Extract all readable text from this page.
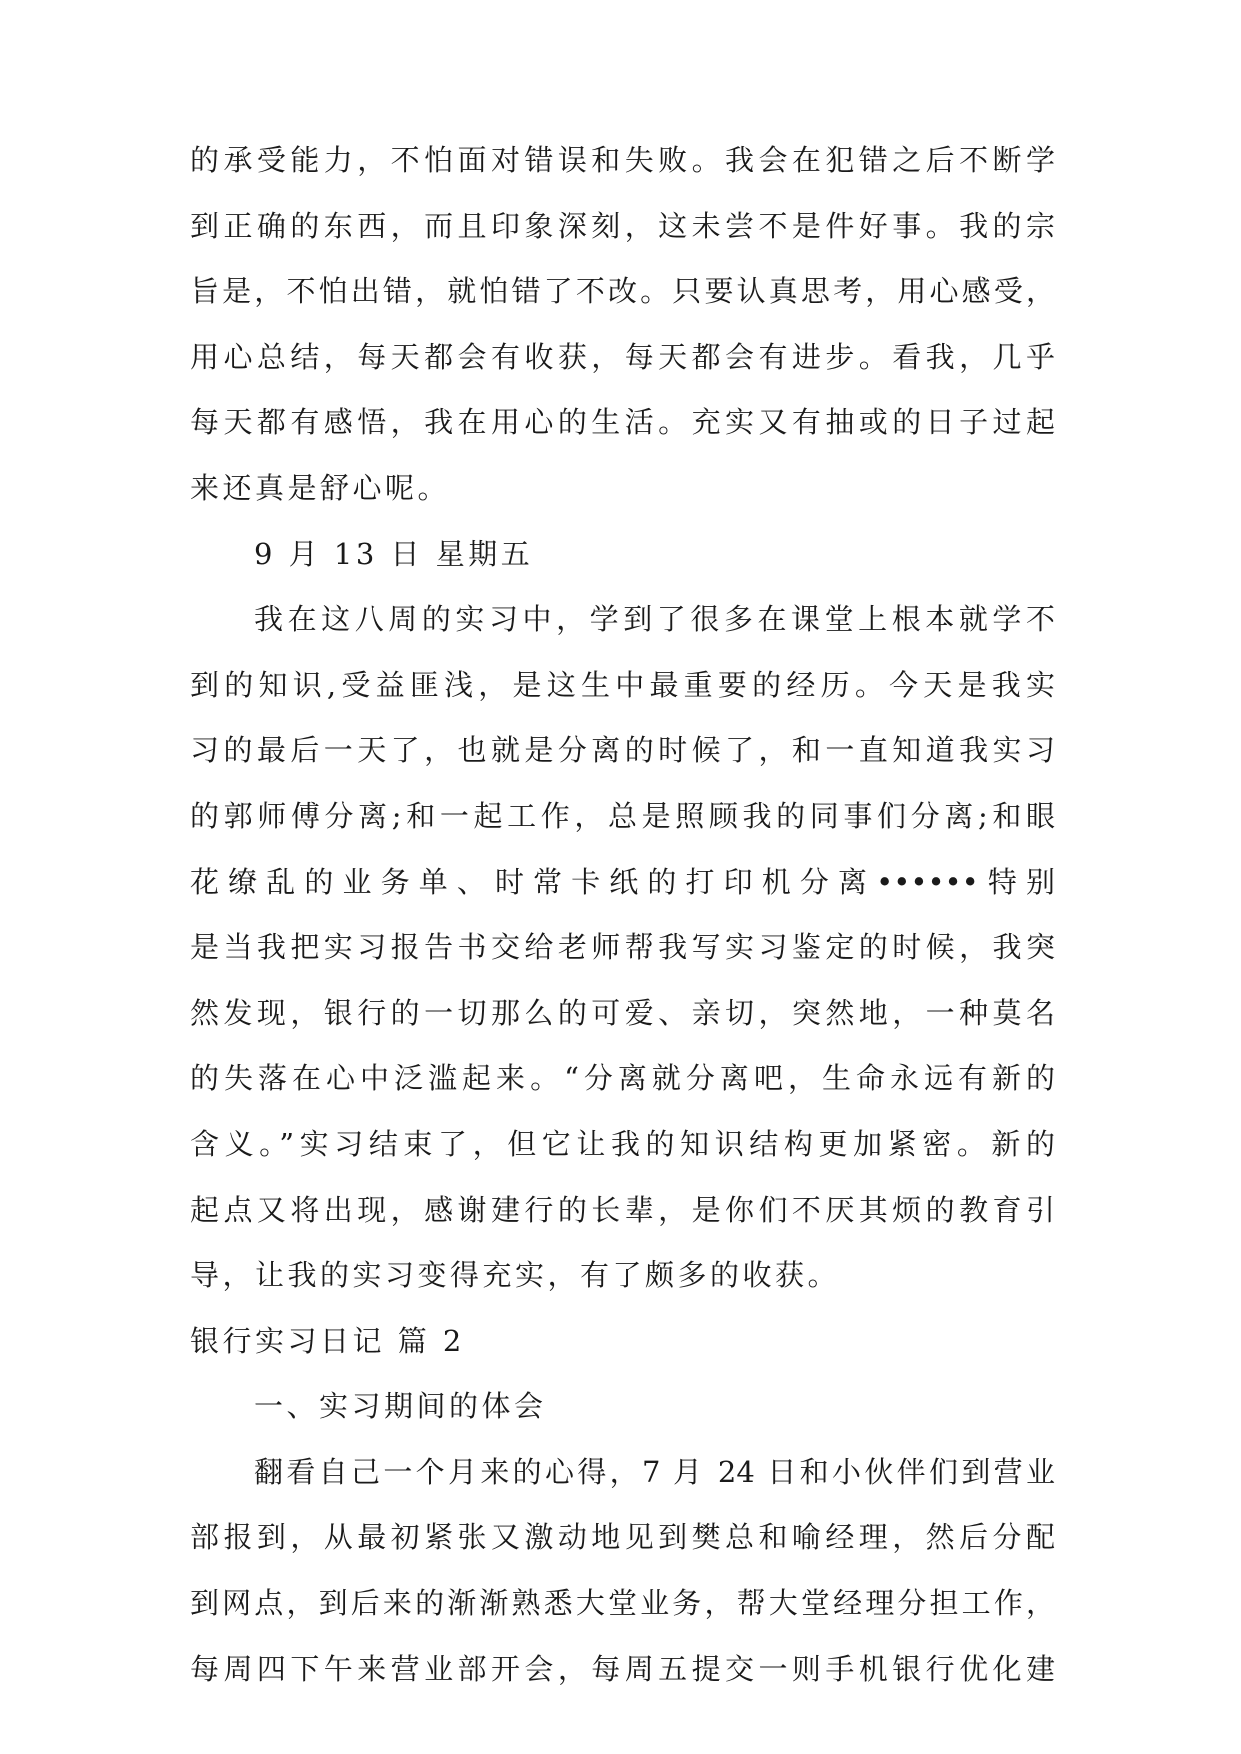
的承受能力，不怕面对错误和失败。我会在犯错之后不断学
到正确的东西，而且印象深刻，这未尝不是件好事。我的宗
旨是，不怕出错，就怕错了不改。只要认真思考，用心感受，
用心总结，每天都会有收获，每天都会有进步。看我，几乎
每天都有感悟，我在用心的生活。充实又有抽或的日子过起
来还真是舒心呢。
9 月 13 日 星期五
我在这八周的实习中，学到了很多在课堂上根本就学不
到的知识,受益匪浅，是这生中最重要的经历。今天是我实
习的最后一天了，也就是分离的时候了，和一直知道我实习
的郭师傅分离;和一起工作，总是照顾我的同事们分离;和眼
花缭乱的业务单、时常卡纸的打印机分离••••••特别
是当我把实习报告书交给老师帮我写实习鉴定的时候，我突
然发现，银行的一切那么的可爱、亲切，突然地，一种莫名
的失落在心中泛滥起来。“分离就分离吧，生命永远有新的
含义。”实习结束了，但它让我的知识结构更加紧密。新的
起点又将出现，感谢建行的长辈，是你们不厌其烦的教育引
导，让我的实习变得充实，有了颇多的收获。
银行实习日记 篇 2
一、实习期间的体会
翻看自己一个月来的心得，7 月 24 日和小伙伴们到营业
部报到，从最初紧张又激动地见到樊总和喻经理，然后分配
到网点，到后来的渐渐熟悉大堂业务，帮大堂经理分担工作，
每周四下午来营业部开会，每周五提交一则手机银行优化建
